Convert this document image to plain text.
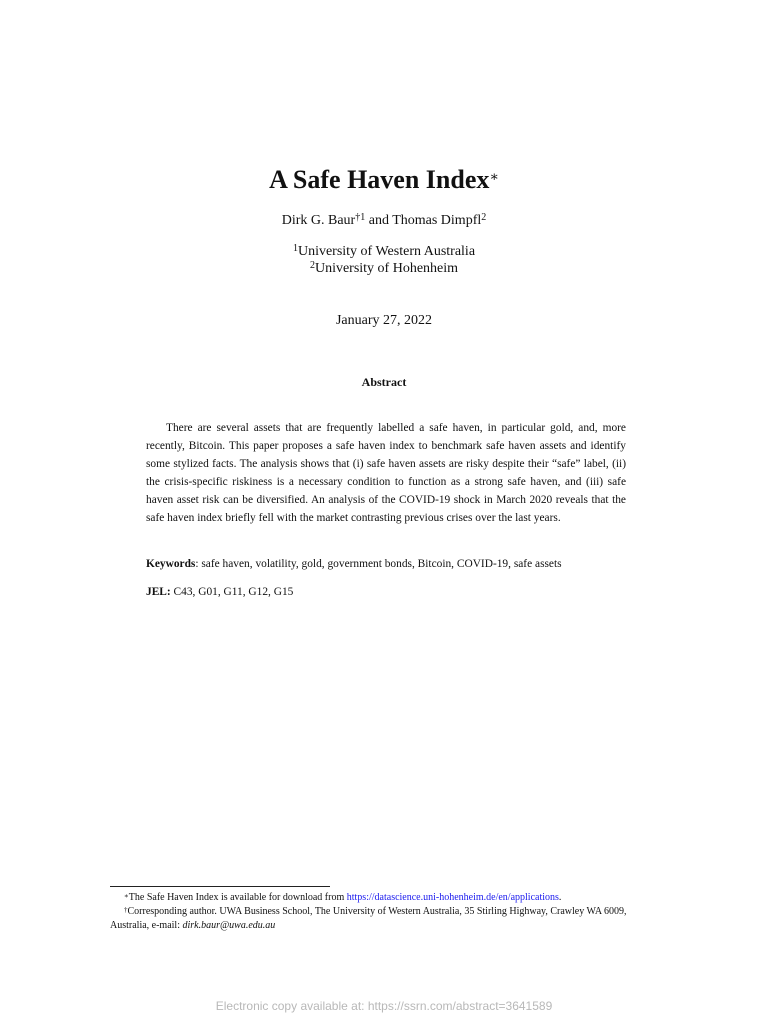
A Safe Haven Index∗
Dirk G. Baur$^{\dagger 1}$ and Thomas Dimpfl$^2$
$^1$University of Western Australia
$^2$University of Hohenheim
January 27, 2022
Abstract

There are several assets that are frequently labelled a safe haven, in particular gold, and, more recently, Bitcoin. This paper proposes a safe haven index to benchmark safe haven assets and identify some stylized facts. The analysis shows that (i) safe haven assets are risky despite their “safe” label, (ii) the crisis-specific riskiness is a necessary condition to function as a strong safe haven, and (iii) safe haven asset risk can be diversified. An analysis of the COVID-19 shock in March 2020 reveals that the safe haven index briefly fell with the market contrasting previous crises over the last years.

Keywords: safe haven, volatility, gold, government bonds, Bitcoin, COVID-19, safe assets

JEL: C43, G01, G11, G12, G15

∗The Safe Haven Index is available for download from https://datascience.uni-hohenheim.de/en/applications.

†Corresponding author. UWA Business School, The University of Western Australia, 35 Stirling Highway, Crawley WA 6009, Australia, e-mail: dirk.baur@uwa.edu.au

Electronic copy available at: https://ssrn.com/abstract=3641589
